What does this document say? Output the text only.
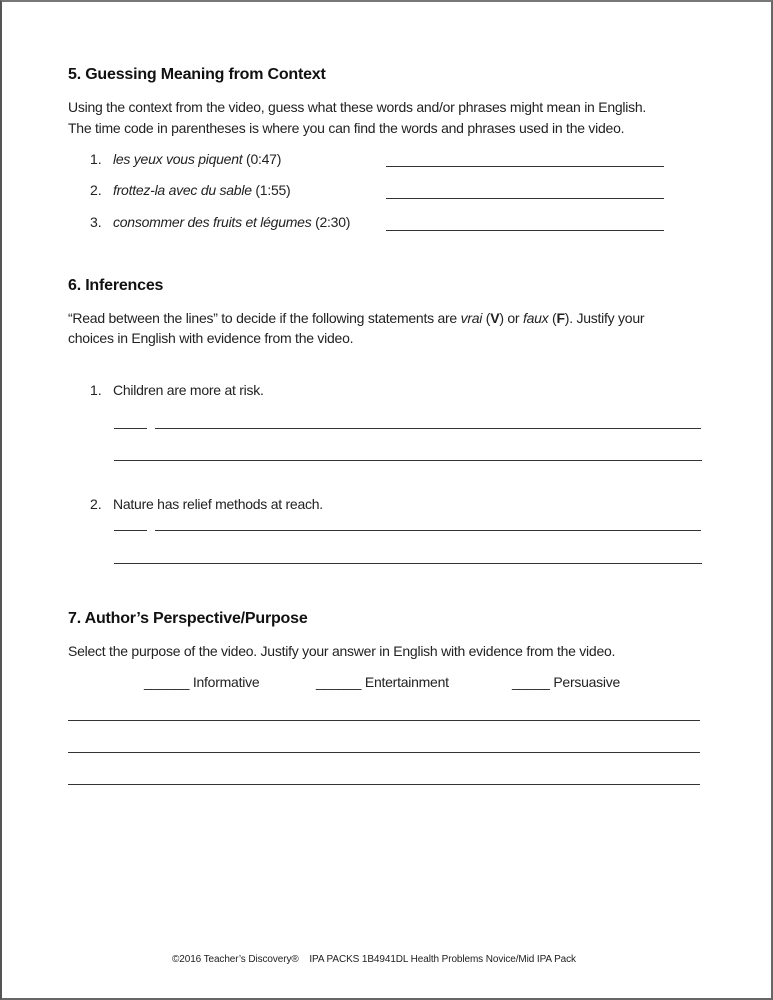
5. Guessing Meaning from Context
Using the context from the video, guess what these words and/or phrases might mean in English.
The time code in parentheses is where you can find the words and phrases used in the video.
1. les yeux vous piquent (0:47)
2. frottez-la avec du sable (1:55)
3. consommer des fruits et légumes (2:30)
6. Inferences
“Read between the lines” to decide if the following statements are vrai (V) or faux (F). Justify your
choices in English with evidence from the video.
1. Children are more at risk.
2. Nature has relief methods at reach.
7. Author’s Perspective/Purpose
Select the purpose of the video. Justify your answer in English with evidence from the video.
______ Informative	______ Entertainment	_____ Persuasive
©2016 Teacher’s Discovery®    IPA PACKS 1B4941DL Health Problems Novice/Mid IPA Pack
